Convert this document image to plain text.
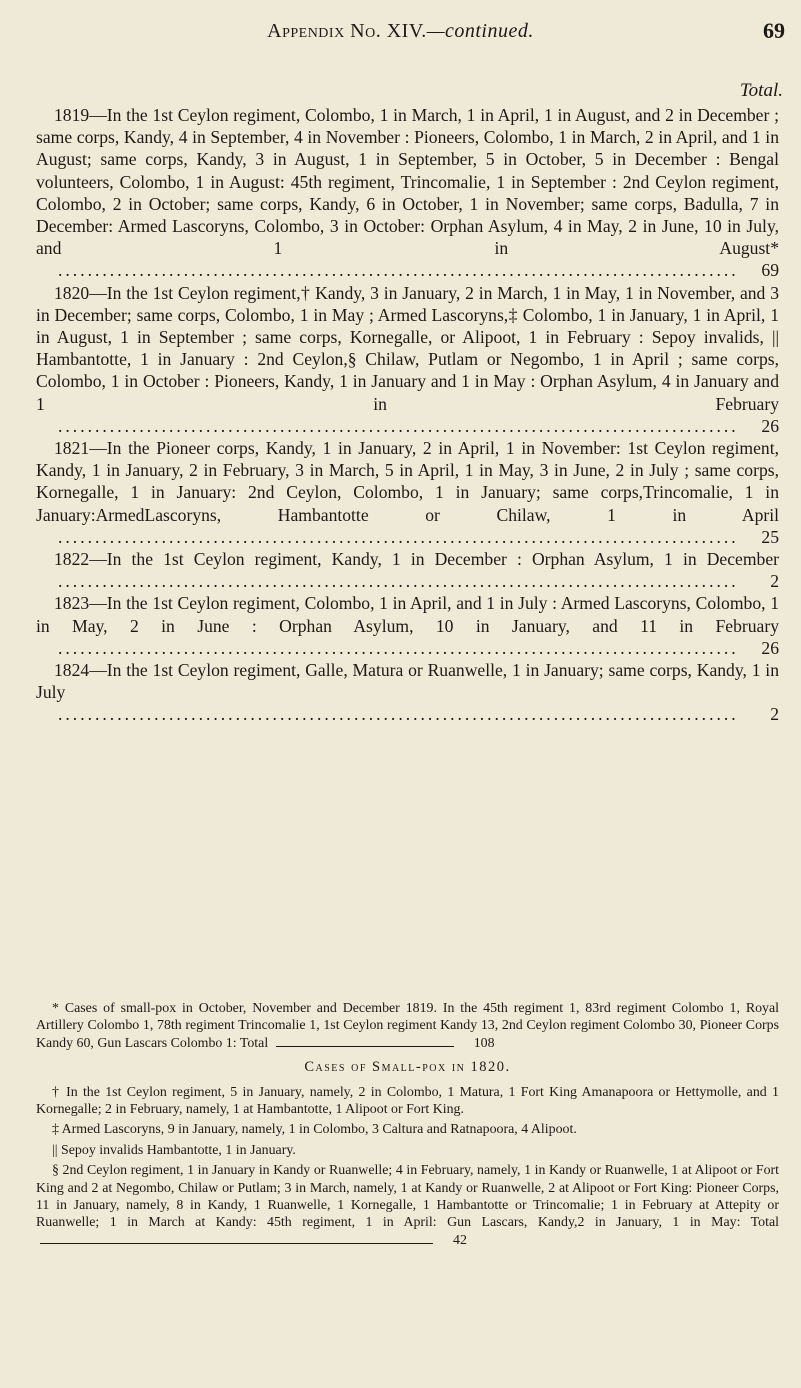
Appendix No. XIV.—continued.	69
Total.
1819—In the 1st Ceylon regiment, Colombo, 1 in March, 1 in April, 1 in August, and 2 in December ; same corps, Kandy, 4 in September, 4 in November : Pioneers, Colombo, 1 in March, 2 in April, and 1 in August; same corps, Kandy, 3 in August, 1 in September, 5 in October, 5 in December : Bengal volunteers, Colombo, 1 in August: 45th regiment, Trincomalie, 1 in September : 2nd Ceylon regiment, Colombo, 2 in October; same corps, Kandy, 6 in October, 1 in November; same corps, Badulla, 7 in December: Armed Lascoryns, Colombo, 3 in October: Orphan Asylum, 4 in May, 2 in June, 10 in July, and 1 in August*
............................................................................................	69
1820—In the 1st Ceylon regiment,† Kandy, 3 in January, 2 in March, 1 in May, 1 in November, and 3 in December; same corps, Colombo, 1 in May ; Armed Lascoryns,‡ Colombo, 1 in January, 1 in April, 1 in August, 1 in September ; same corps, Kornegalle, or Alipoot, 1 in February : Sepoy invalids, || Hambantotte, 1 in January : 2nd Ceylon,§ Chilaw, Putlam or Negombo, 1 in April ; same corps, Colombo, 1 in October : Pioneers, Kandy, 1 in January and 1 in May : Orphan Asylum, 4 in January and 1 in February
............................................................................................	26
1821—In the Pioneer corps, Kandy, 1 in January, 2 in April, 1 in November: 1st Ceylon regiment, Kandy, 1 in January, 2 in February, 3 in March, 5 in April, 1 in May, 3 in June, 2 in July ; same corps, Kornegalle, 1 in January: 2nd Ceylon, Colombo, 1 in January; same corps,Trincomalie, 1 in January:ArmedLascoryns, Hambantotte or Chilaw, 1 in April
............................................................................................	25
1822—In the 1st Ceylon regiment, Kandy, 1 in December : Orphan Asylum, 1 in December
............................................................................................	2
1823—In the 1st Ceylon regiment, Colombo, 1 in April, and 1 in July : Armed Lascoryns, Colombo, 1 in May, 2 in June : Orphan Asylum, 10 in January, and 11 in February
............................................................................................	26
1824—In the 1st Ceylon regiment, Galle, Matura or Ruanwelle, 1 in January; same corps, Kandy, 1 in July
............................................................................................	2
* Cases of small-pox in October, November and December 1819. In the 45th regiment 1, 83rd regiment Colombo 1, Royal Artillery Colombo 1, 78th regiment Trincomalie 1, 1st Ceylon regiment Kandy 13, 2nd Ceylon regiment Colombo 30, Pioneer Corps Kandy 60, Gun Lascars Colombo 1: Total	108
Cases of Small-pox in 1820.
† In the 1st Ceylon regiment, 5 in January, namely, 2 in Colombo, 1 Matura, 1 Fort King Amanapoora or Hettymolle, and 1 Kornegalle; 2 in February, namely, 1 at Hambantotte, 1 Alipoot or Fort King.
‡ Armed Lascoryns, 9 in January, namely, 1 in Colombo, 3 Caltura and Ratnapoora, 4 Alipoot.
|| Sepoy invalids Hambantotte, 1 in January.
§ 2nd Ceylon regiment, 1 in January in Kandy or Ruanwelle; 4 in February, namely, 1 in Kandy or Ruanwelle, 1 at Alipoot or Fort King and 2 at Negombo, Chilaw or Putlam; 3 in March, namely, 1 at Kandy or Ruanwelle, 2 at Alipoot or Fort King: Pioneer Corps, 11 in January, namely, 8 in Kandy, 1 Ruanwelle, 1 Kornegalle, 1 Hambantotte or Trincomalie; 1 in February at Attepity or Ruanwelle; 1 in March at Kandy: 45th regiment, 1 in April: Gun Lascars, Kandy,2 in January, 1 in May: Total
42
